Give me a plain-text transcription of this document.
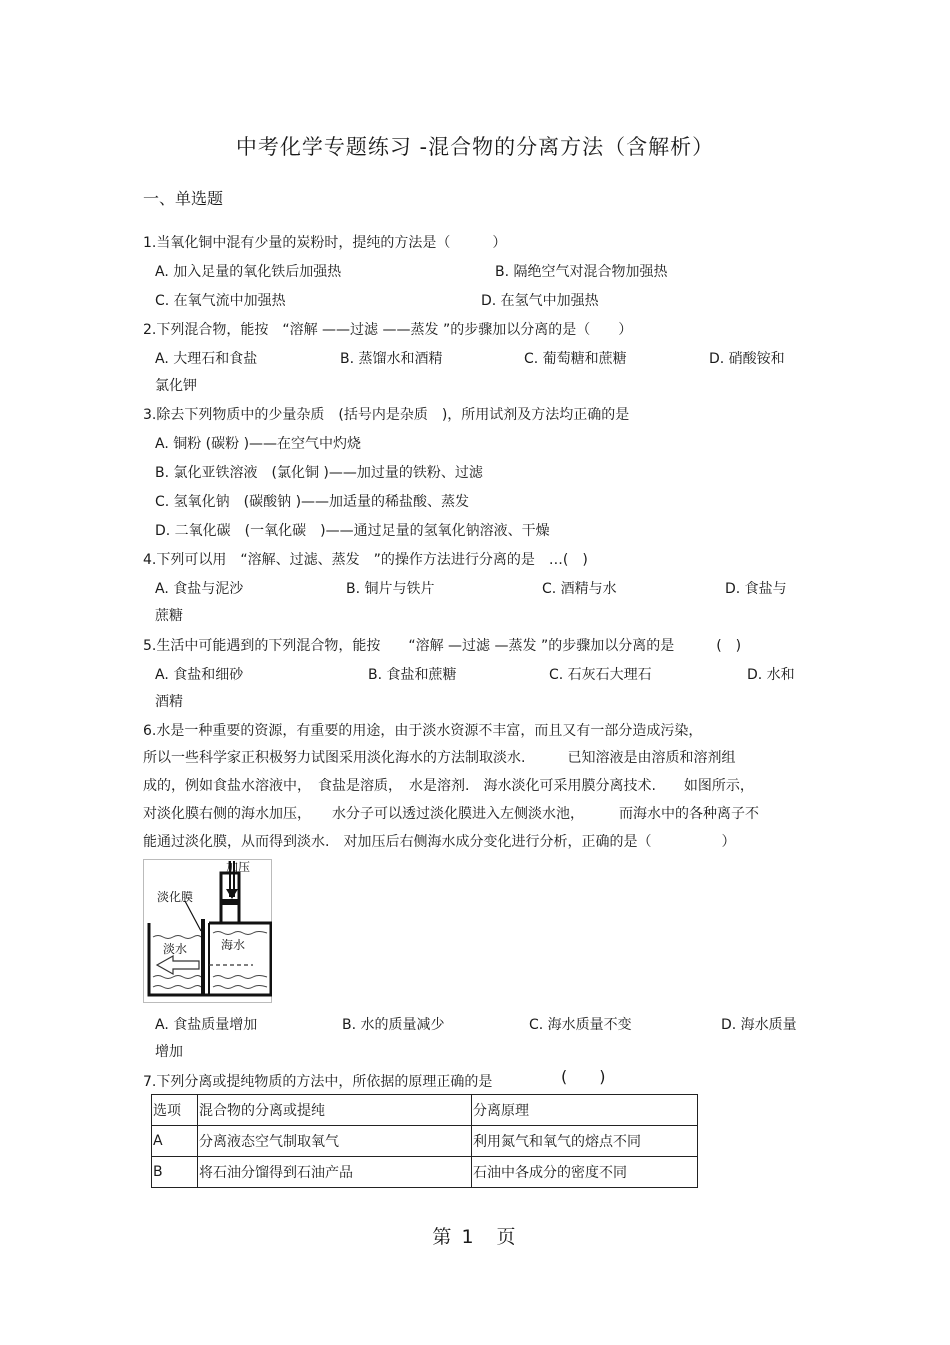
中考化学专题练习 -混合物的分离方法（含解析）
一、单选题
1.当氧化铜中混有少量的炭粉时，提纯的方法是（　　　）
A. 加入足量的氧化铁后加强热	B. 隔绝空气对混合物加强热
C. 在氧气流中加强热	D. 在氢气中加强热
2.下列混合物，能按　“溶解 ——过滤 ——蒸发 ”的步骤加以分离的是（　　）
A. 大理石和食盐	B. 蒸馏水和酒精	C. 葡萄糖和蔗糖	D. 硝酸铵和
氯化钾
3.除去下列物质中的少量杂质　(括号内是杂质　)，所用试剂及方法均正确的是
A. 铜粉 (碳粉 )——在空气中灼烧
B. 氯化亚铁溶液　(氯化铜 )——加过量的铁粉、过滤
C. 氢氧化钠　(碳酸钠 )——加适量的稀盐酸、蒸发
D. 二氧化碳　(一氧化碳　)——通过足量的氢氧化钠溶液、干燥
4.下列可以用　“溶解、过滤、蒸发　”的操作方法进行分离的是　…(　)
A. 食盐与泥沙	B. 铜片与铁片	C. 酒精与水	D. 食盐与
蔗糖
5.生活中可能遇到的下列混合物，能按　　“溶解 —过滤 —蒸发 ”的步骤加以分离的是　　　(　)
A. 食盐和细砂	B. 食盐和蔗糖	C. 石灰石大理石	D. 水和
酒精
6.水是一种重要的资源，有重要的用途，由于淡水资源不丰富，而且又有一部分造成污染，
所以一些科学家正积极努力试图采用淡化海水的方法制取淡水.　　　已知溶液是由溶质和溶剂组
成的，例如食盐水溶液中，　食盐是溶质，　水是溶剂.　海水淡化可采用膜分离技术.　　如图所示，
对淡化膜右侧的海水加压，　　水分子可以透过淡化膜进入左侧淡水池，　　　而海水中的各种离子不
能通过淡化膜，从而得到淡水.　对加压后右侧海水成分变化进行分析，正确的是（　　　　　）
加压
淡化膜
淡水	海水
A. 食盐质量增加	B. 水的质量减少	C. 海水质量不变	D. 海水质量
增加
7.下列分离或提纯物质的方法中，所依据的原理正确的是	(　　)
选项	混合物的分离或提纯	分离原理
A	分离液态空气制取氧气	利用氮气和氧气的熔点不同
B	将石油分馏得到石油产品	石油中各成分的密度不同
第 1　页
